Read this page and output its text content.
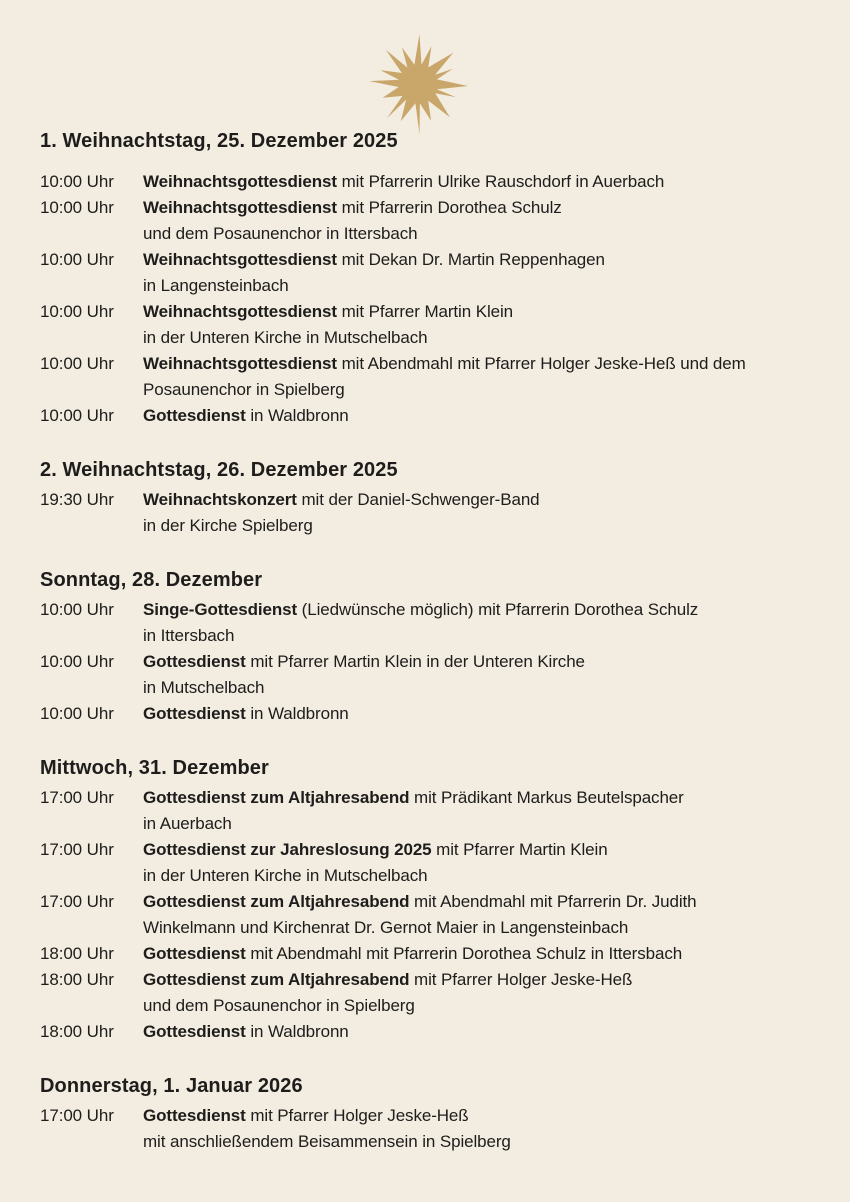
1. Weihnachtstag, 25. Dezember 2025
10:00 Uhr	Weihnachtsgottesdienst mit Pfarrerin Ulrike Rauschdorf in Auerbach
10:00 Uhr	Weihnachtsgottesdienst mit Pfarrerin Dorothea Schulz
und dem Posaunenchor in Ittersbach
10:00 Uhr	Weihnachtsgottesdienst mit Dekan Dr. Martin Reppenhagen
in Langensteinbach
10:00 Uhr	Weihnachtsgottesdienst mit Pfarrer Martin Klein
in der Unteren Kirche in Mutschelbach
10:00 Uhr	Weihnachtsgottesdienst mit Abendmahl mit Pfarrer Holger Jeske-Heß und dem
Posaunenchor in Spielberg
10:00 Uhr	Gottesdienst in Waldbronn
2. Weihnachtstag, 26. Dezember 2025
19:30 Uhr	Weihnachtskonzert mit der Daniel-Schwenger-Band
in der Kirche Spielberg
Sonntag, 28. Dezember
10:00 Uhr	Singe-Gottesdienst (Liedwünsche möglich) mit Pfarrerin Dorothea Schulz
in Ittersbach
10:00 Uhr	Gottesdienst mit Pfarrer Martin Klein in der Unteren Kirche
in Mutschelbach
10:00 Uhr	Gottesdienst in Waldbronn
Mittwoch, 31. Dezember
17:00 Uhr	Gottesdienst zum Altjahresabend mit Prädikant Markus Beutelspacher
in Auerbach
17:00 Uhr	Gottesdienst zur Jahreslosung 2025 mit Pfarrer Martin Klein
in der Unteren Kirche in Mutschelbach
17:00 Uhr	Gottesdienst zum Altjahresabend mit Abendmahl mit Pfarrerin Dr. Judith
Winkelmann und Kirchenrat Dr. Gernot Maier in Langensteinbach
18:00 Uhr	Gottesdienst mit Abendmahl mit Pfarrerin Dorothea Schulz in Ittersbach
18:00 Uhr	Gottesdienst zum Altjahresabend mit Pfarrer Holger Jeske-Heß
und dem Posaunenchor in Spielberg
18:00 Uhr	Gottesdienst in Waldbronn
Donnerstag, 1. Januar 2026
17:00 Uhr	Gottesdienst mit Pfarrer Holger Jeske-Heß
mit anschließendem Beisammensein in Spielberg
